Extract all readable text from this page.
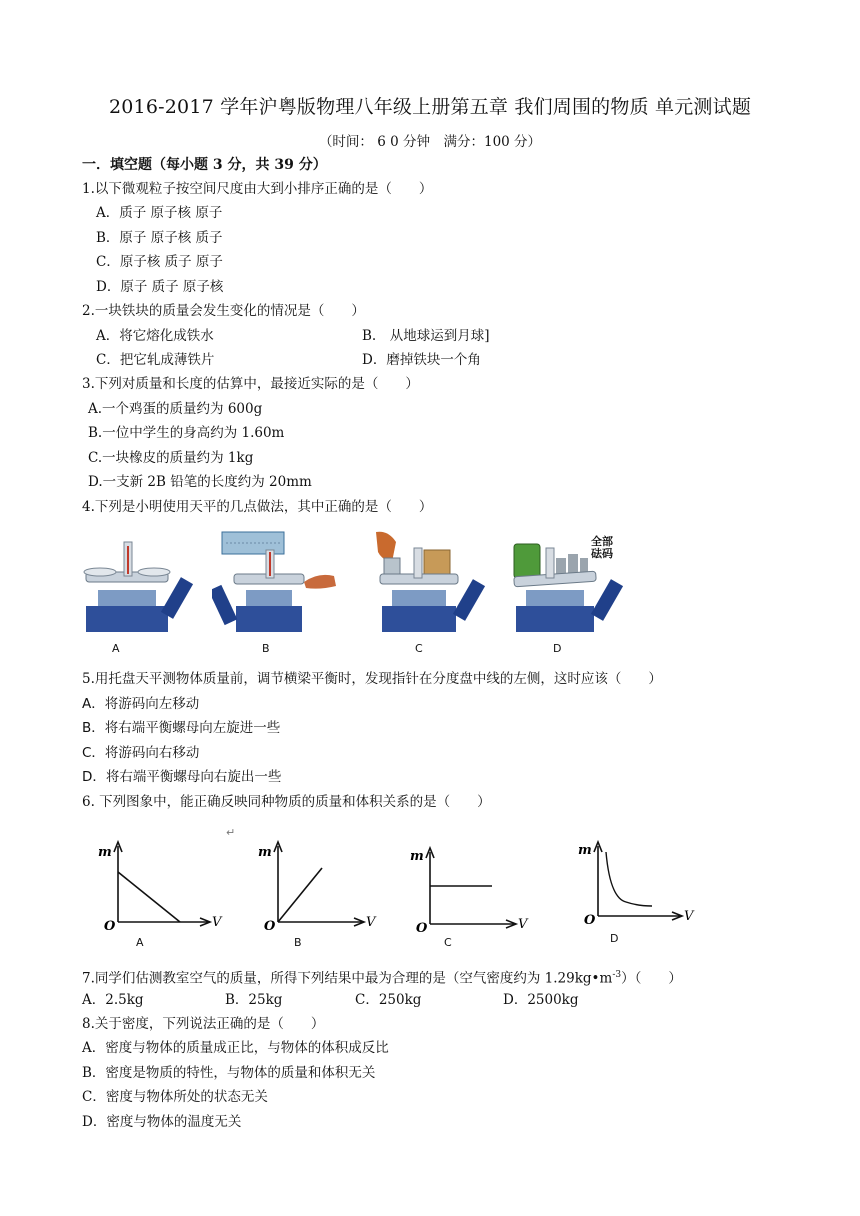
2016-2017 学年沪粤版物理八年级上册第五章 我们周围的物质 单元测试题
（时间： 6 0 分钟　满分：100 分）
一．填空题（每小题 3 分，共 39 分）
1.以下微观粒子按空间尺度由大到小排序正确的是（　　）
A．质子 原子核 原子
B．原子 原子核 质子
C．原子核 质子 原子
D．原子 质子 原子核
2.一块铁块的质量会发生变化的情况是（　　）
A．将它熔化成铁水	B.　从地球运到月球]
C．把它轧成薄铁片	D．磨掉铁块一个角
3.下列对质量和长度的估算中，最接近实际的是（　　）
A.一个鸡蛋的质量约为 600g
B.一位中学生的身高约为 1.60m
C.一块橡皮的质量约为 1kg
D.一支新 2B 铅笔的长度约为 20mm
4.下列是小明使用天平的几点做法，其中正确的是（　　）
A	B	C
全部砝码
D
5.用托盘天平测物体质量前，调节横梁平衡时，发现指针在分度盘中线的左侧，这时应该（　　）
A．将游码向左移动
B．将右端平衡螺母向左旋进一些
C．将游码向右移动
D．将右端平衡螺母向右旋出一些
6. 下列图象中，能正确反映同种物质的质量和体积关系的是（　　）
↵
m
O	V
A
m
O	V
B
m
O	V
C
m
O	V
D
7.同学们估测教室空气的质量，所得下列结果中最为合理的是（空气密度约为 $1.29kg•m^{-3}$）（　　）
A．2.5kg	B．25kg	C．250kg	D．2500kg
8.关于密度，下列说法正确的是（　　）
A．密度与物体的质量成正比，与物体的体积成反比
B．密度是物质的特性，与物体的质量和体积无关
C．密度与物体所处的状态无关
D．密度与物体的温度无关
